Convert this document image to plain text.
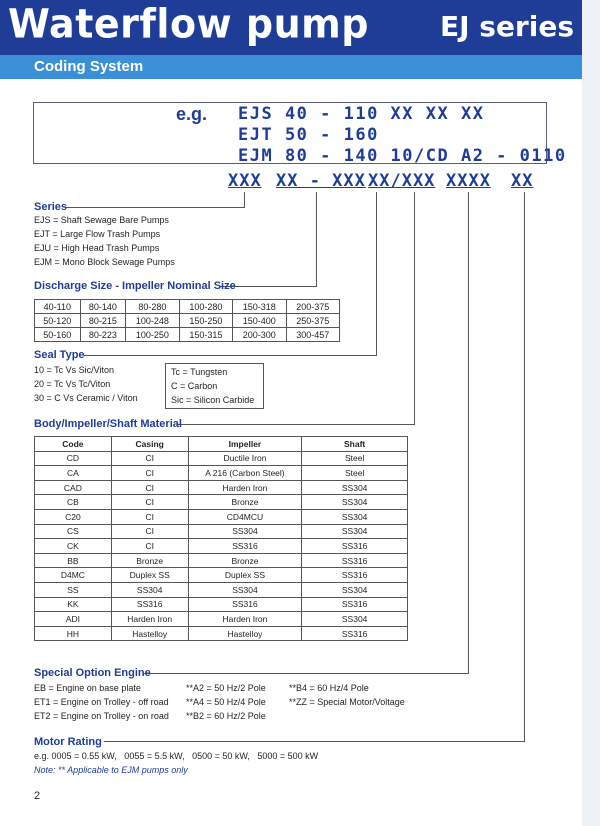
Waterflow pump	EJ series
Coding System
e.g. EJS 40 - 110 XX XX XX
EJT 50 - 160
EJM 80 - 140 10/CD A2 - 0110
XXX XX - XXX XX/XXX XXXX XX
Series
EJS = Shaft Sewage Bare Pumps
EJT = Large Flow Trash Pumps
EJU = High Head Trash Pumps
EJM = Mono Block Sewage Pumps
Discharge Size - Impeller Nominal Size
40-110	80-140	80-280	100-280	150-318	200-375
50-120	80-215	100-248	150-250	150-400	250-375
50-160	80-223	100-250	150-315	200-300	300-457
Seal Type
10 = Tc Vs Sic/Viton
20 = Tc Vs Tc/Viton
30 = C Vs Ceramic / Viton
Tc = Tungsten
C = Carbon
Sic = Silicon Carbide
Body/Impeller/Shaft Material
Code	Casing	Impeller	Shaft
CD	CI	Ductile Iron	Steel
CA	CI	A 216 (Carbon Steel)	Steel
CAD	CI	Harden Iron	SS304
CB	CI	Bronze	SS304
C20	CI	CD4MCU	SS304
CS	CI	SS304	SS304
CK	CI	SS316	SS316
BB	Bronze	Bronze	SS316
D4MC	Duplex SS	Duplex SS	SS316
SS	SS304	SS304	SS304
KK	SS316	SS316	SS316
ADI	Harden Iron	Harden Iron	SS304
HH	Hastelloy	Hastelloy	SS316
Special Option Engine
EB = Engine on base plate
ET1 = Engine on Trolley - off road
ET2 = Engine on Trolley - on road
**A2 = 50 Hz/2 Pole
**A4 = 50 Hz/4 Pole
**B2 = 60 Hz/2 Pole
**B4 = 60 Hz/4 Pole
**ZZ = Special Motor/Voltage
Motor Rating
e.g. 0005 = 0.55 kW,   0055 = 5.5 kW,   0500 = 50 kW,   5000 = 500 kW
Note: ** Applicable to EJM pumps only
2
